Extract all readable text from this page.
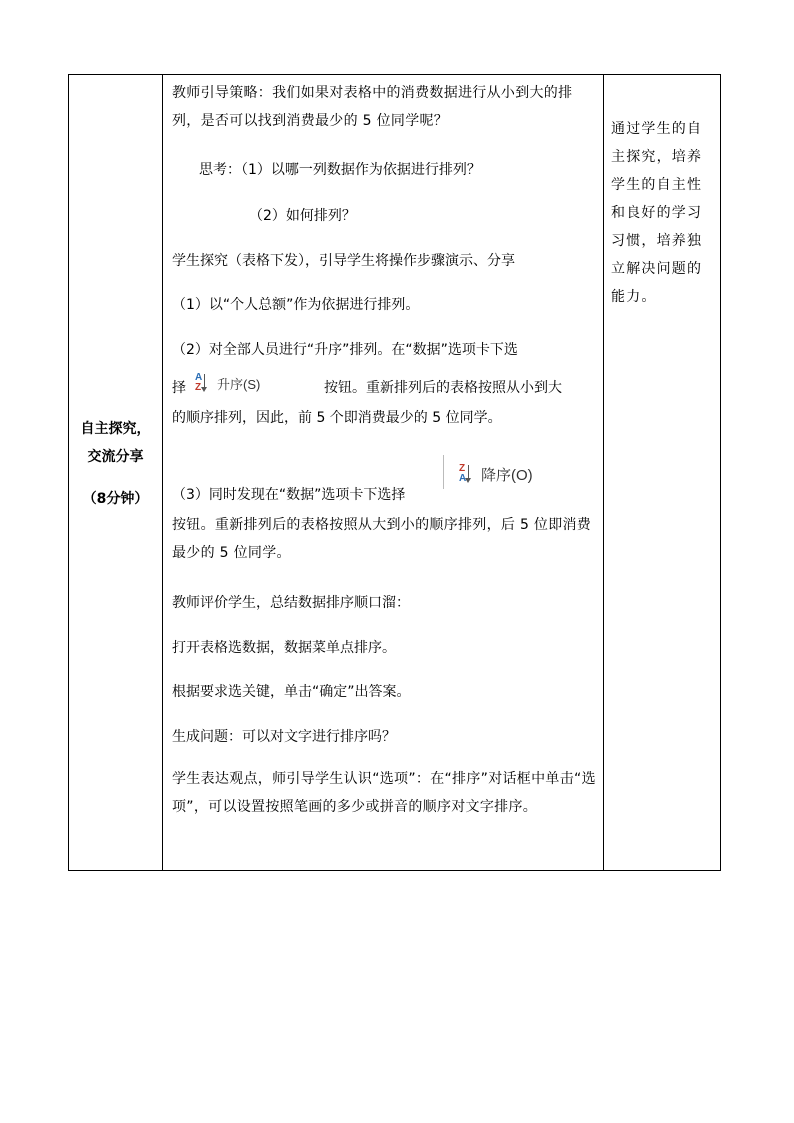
自主探究，
交流分享
（8分钟）
教师引导策略：我们如果对表格中的消费数据进行从小到大的排列，是否可以找到消费最少的 5 位同学呢？
思考：（1）以哪一列数据作为依据进行排列？
（2）如何排列？
学生探究（表格下发），引导学生将操作步骤演示、分享
（1）以“个人总额”作为依据进行排列。
（2）对全部人员进行“升序”排列。在“数据”选项卡下选
择
A
Z 升序(S)	按钮。重新排列后的表格按照从小到大
的顺序排列，因此，前 5 个即消费最少的 5 位同学。
（3）同时发现在“数据”选项卡下选择
Z
A 降序(O)
按钮。重新排列后的表格按照从大到小的顺序排列，后 5 位即消费最少的 5 位同学。
教师评价学生，总结数据排序顺口溜：
打开表格选数据，数据菜单点排序。
根据要求选关键，单击“确定”出答案。
生成问题：可以对文字进行排序吗？
学生表达观点，师引导学生认识“选项”：在“排序”对话框中单击“选项”，可以设置按照笔画的多少或拼音的顺序对文字排序。
通过学生的自主探究，培养学生的自主性和良好的学习习惯，培养独立解决问题的能力。
